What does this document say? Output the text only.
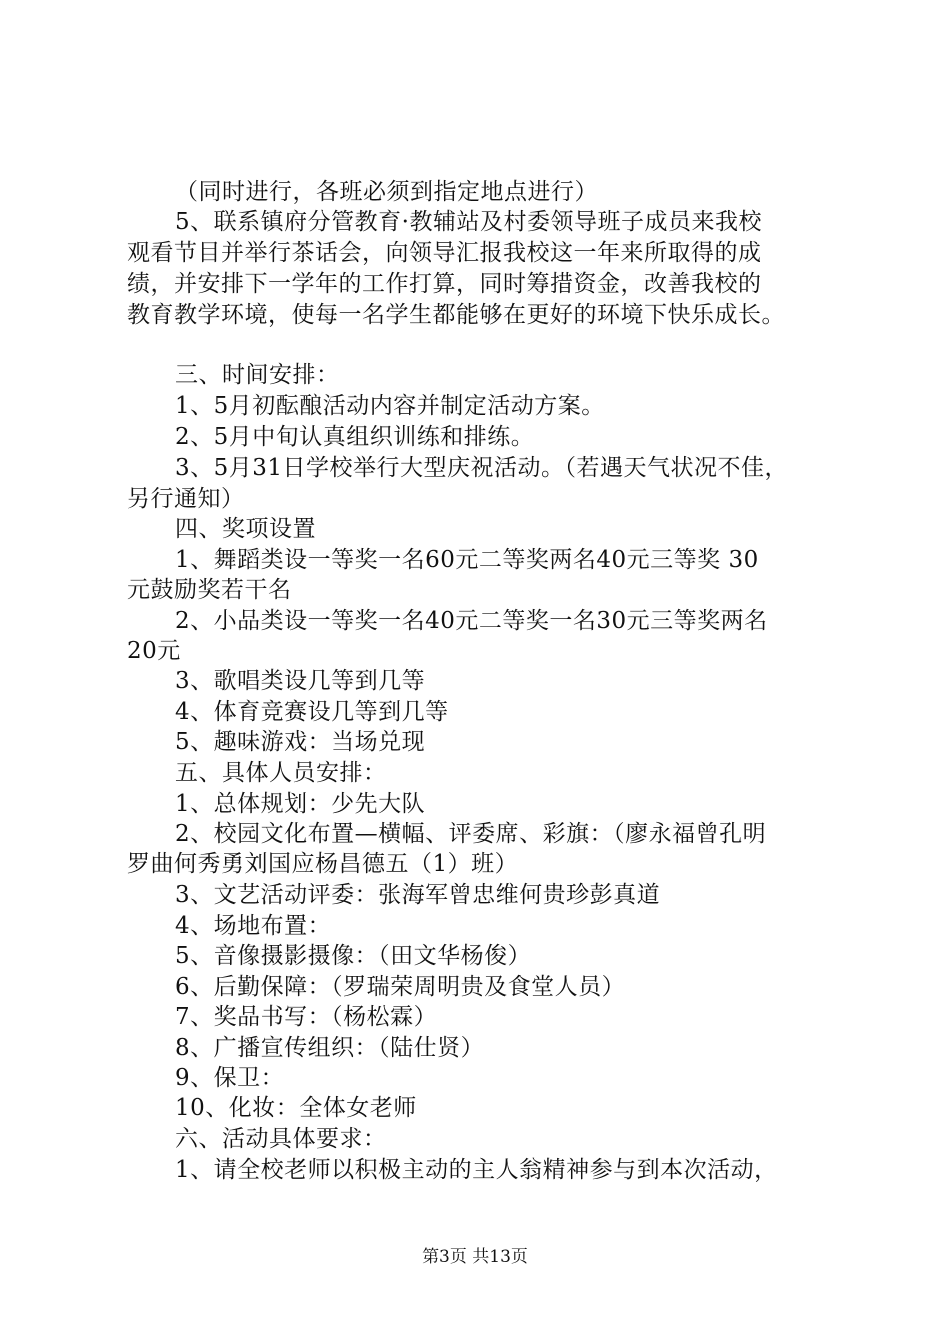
（同时进行，各班必须到指定地点进行）
5、联系镇府分管教育·教辅站及村委领导班子成员来我校
观看节目并举行茶话会，向领导汇报我校这一年来所取得的成
绩，并安排下一学年的工作打算，同时筹措资金，改善我校的
教育教学环境，使每一名学生都能够在更好的环境下快乐成长。
三、时间安排：
1、5月初酝酿活动内容并制定活动方案。
2、5月中旬认真组织训练和排练。
3、5月31日学校举行大型庆祝活动。（若遇天气状况不佳，
另行通知）
四、奖项设置
1、舞蹈类设一等奖一名60元二等奖两名40元三等奖 30
元鼓励奖若干名
2、小品类设一等奖一名40元二等奖一名30元三等奖两名
20元
3、歌唱类设几等到几等
4、体育竞赛设几等到几等
5、趣味游戏：当场兑现
五、具体人员安排：
1、总体规划：少先大队
2、校园文化布置—横幅、评委席、彩旗：（廖永福曾孔明
罗曲何秀勇刘国应杨昌德五（1）班）
3、文艺活动评委：张海军曾忠维何贵珍彭真道
4、场地布置：
5、音像摄影摄像：（田文华杨俊）
6、后勤保障：（罗瑞荣周明贵及食堂人员）
7、奖品书写：（杨松霖）
8、广播宣传组织：（陆仕贤）
9、保卫：
10、化妆：全体女老师
六、活动具体要求：
1、请全校老师以积极主动的主人翁精神参与到本次活动，
第3页 共13页
